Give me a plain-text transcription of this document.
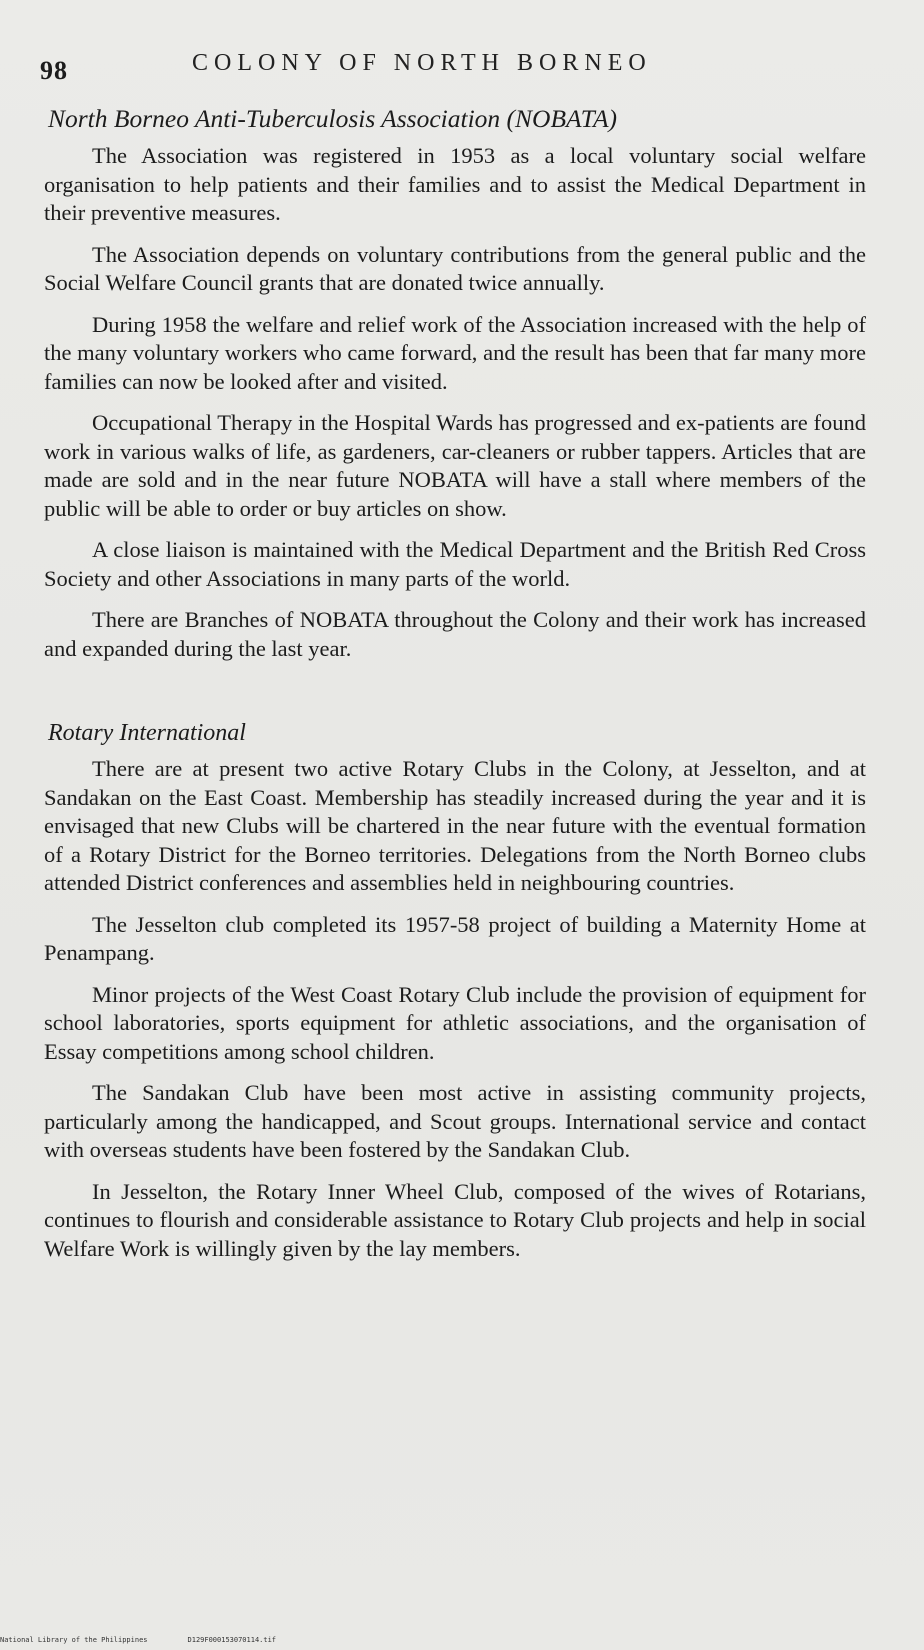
98	COLONY OF NORTH BORNEO
North Borneo Anti-Tuberculosis Association (NOBATA)

The Association was registered in 1953 as a local voluntary social welfare organisation to help patients and their families and to assist the Medical Department in their preventive measures.

The Association depends on voluntary contributions from the general public and the Social Welfare Council grants that are donated twice annually.

During 1958 the welfare and relief work of the Association increased with the help of the many voluntary workers who came forward, and the result has been that far many more families can now be looked after and visited.

Occupational Therapy in the Hospital Wards has progressed and ex-patients are found work in various walks of life, as gardeners, car-cleaners or rubber tappers. Articles that are made are sold and in the near future NOBATA will have a stall where members of the public will be able to order or buy articles on show.

A close liaison is maintained with the Medical Department and the British Red Cross Society and other Associations in many parts of the world.

There are Branches of NOBATA throughout the Colony and their work has increased and expanded during the last year.

Rotary International

There are at present two active Rotary Clubs in the Colony, at Jesselton, and at Sandakan on the East Coast. Membership has steadily increased during the year and it is envisaged that new Clubs will be chartered in the near future with the eventual formation of a Rotary District for the Borneo territories. Delegations from the North Borneo clubs attended District conferences and assemblies held in neighbouring countries.

The Jesselton club completed its 1957-58 project of building a Maternity Home at Penampang.

Minor projects of the West Coast Rotary Club include the provision of equipment for school laboratories, sports equipment for athletic associations, and the organisation of Essay competitions among school children.

The Sandakan Club have been most active in assisting community projects, particularly among the handicapped, and Scout groups. International service and contact with overseas students have been fostered by the Sandakan Club.

In Jesselton, the Rotary Inner Wheel Club, composed of the wives of Rotarians, continues to flourish and considerable assistance to Rotary Club projects and help in social Welfare Work is willingly given by the lay members.

National Library of the Philippines	D129F000153070114.tif
